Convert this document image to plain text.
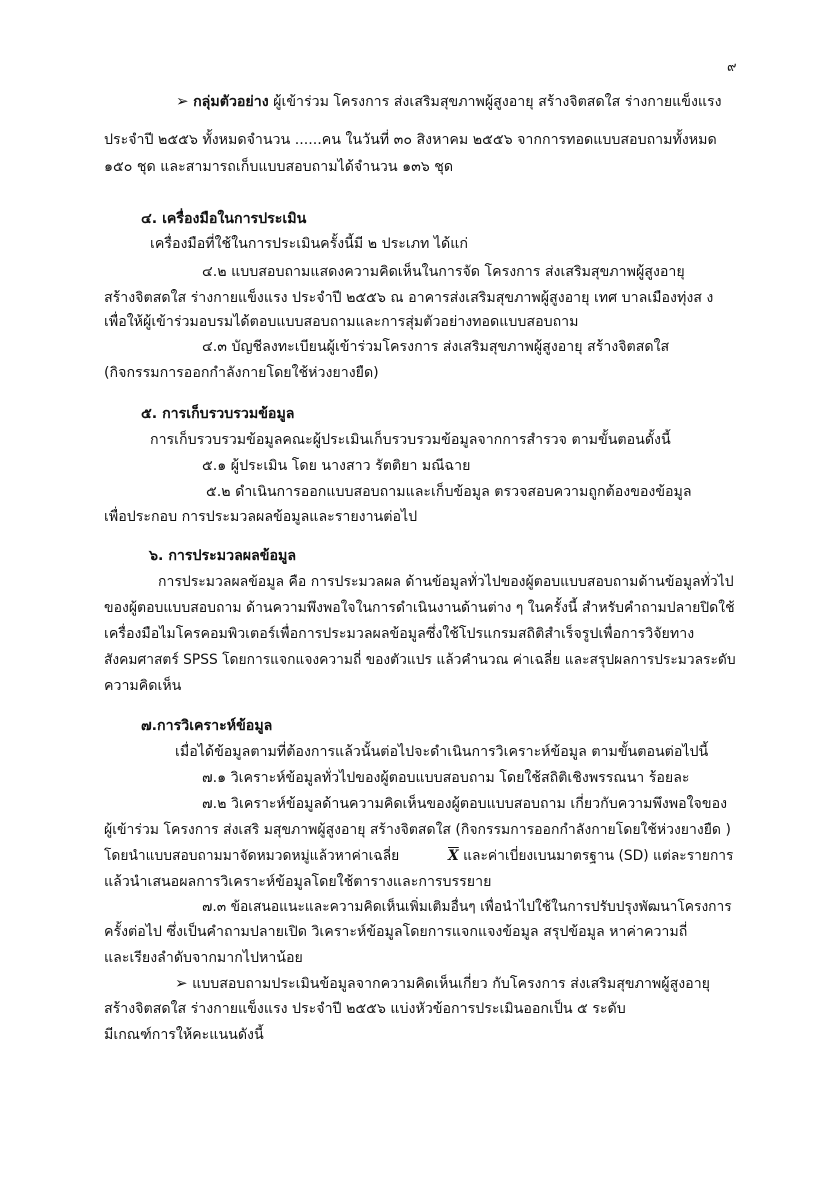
๙
➢ กลุ่มตัวอย่าง ผู้เข้าร่วม โครงการ ส่งเสริมสุขภาพผู้สูงอายุ สร้างจิตสดใส ร่างกายแข็งแรง
ประจำปี ๒๕๕๖ ทั้งหมดจำนวน ......คน ในวันที่ ๓๐ สิงหาคม ๒๕๕๖ จากการทอดแบบสอบถามทั้งหมด
๑๕๐ ชุด และสามารถเก็บแบบสอบถามได้จำนวน ๑๓๖ ชุด
๔. เครื่องมือในการประเมิน
เครื่องมือที่ใช้ในการประเมินครั้งนี้มี ๒ ประเภท ได้แก่
๔.๒ แบบสอบถามแสดงความคิดเห็นในการจัด โครงการ ส่งเสริมสุขภาพผู้สูงอายุ
สร้างจิตสดใส ร่างกายแข็งแรง ประจำปี ๒๕๕๖ ณ อาคารส่งเสริมสุขภาพผู้สูงอายุ เทศ บาลเมืองทุ่งส ง
เพื่อให้ผู้เข้าร่วมอบรมได้ตอบแบบสอบถามและการสุ่มตัวอย่างทอดแบบสอบถาม
๔.๓ บัญชีลงทะเบียนผู้เข้าร่วมโครงการ ส่งเสริมสุขภาพผู้สูงอายุ สร้างจิตสดใส
(กิจกรรมการออกกำลังกายโดยใช้ห่วงยางยืด)
๕. การเก็บรวบรวมข้อมูล
การเก็บรวบรวมข้อมูลคณะผู้ประเมินเก็บรวบรวมข้อมูลจากการสำรวจ ตามขั้นตอนดั้งนี้
๕.๑ ผู้ประเมิน โดย นางสาว รัตติยา มณีฉาย
๕.๒ ดำเนินการออกแบบสอบถามและเก็บข้อมูล ตรวจสอบความถูกต้องของข้อมูล
เพื่อประกอบ การประมวลผลข้อมูลและรายงานต่อไป
๖. การประมวลผลข้อมูล
การประมวลผลข้อมูล คือ การประมวลผล ด้านข้อมูลทั่วไปของผู้ตอบแบบสอบถามด้านข้อมูลทั่วไป
ของผู้ตอบแบบสอบถาม ด้านความพึงพอใจในการดำเนินงานด้านต่าง ๆ ในครั้งนี้ สำหรับคำถามปลายปิดใช้
เครื่องมือไมโครคอมพิวเตอร์เพื่อการประมวลผลข้อมูลซึ่งใช้โปรแกรมสถิติสำเร็จรูปเพื่อการวิจัยทาง
สังคมศาสตร์ SPSS โดยการแจกแจงความถี่ ของตัวแปร แล้วคำนวณ ค่าเฉลี่ย และสรุปผลการประมวลระดับ
ความคิดเห็น
๗.การวิเคราะห์ข้อมูล
เมื่อได้ข้อมูลตามที่ต้องการแล้วนั้นต่อไปจะดำเนินการวิเคราะห์ข้อมูล ตามขั้นตอนต่อไปนี้
๗.๑ วิเคราะห์ข้อมูลทั่วไปของผู้ตอบแบบสอบถาม โดยใช้สถิติเชิงพรรณนา ร้อยละ
๗.๒ วิเคราะห์ข้อมูลด้านความคิดเห็นของผู้ตอบแบบสอบถาม เกี่ยวกับความพึงพอใจของ
ผู้เข้าร่วม โครงการ ส่งเสริ มสุขภาพผู้สูงอายุ สร้างจิตสดใส (กิจกรรมการออกกำลังกายโดยใช้ห่วงยางยืด )
โดยนำแบบสอบถามมาจัดหมวดหมู่แล้วหาค่าเฉลี่ย	$\overline{X}$ และค่าเบี่ยงเบนมาตรฐาน (SD) แต่ละรายการ
แล้วนำเสนอผลการวิเคราะห์ข้อมูลโดยใช้ตารางและการบรรยาย
๗.๓ ข้อเสนอแนะและความคิดเห็นเพิ่มเติมอื่นๆ เพื่อนำไปใช้ในการปรับปรุงพัฒนาโครงการ
ครั้งต่อไป ซึ่งเป็นคำถามปลายเปิด วิเคราะห์ข้อมูลโดยการแจกแจงข้อมูล สรุปข้อมูล หาค่าความถี่
และเรียงลำดับจากมากไปหาน้อย
➢ แบบสอบถามประเมินข้อมูลจากความคิดเห็นเกี่ยว กับโครงการ ส่งเสริมสุขภาพผู้สูงอายุ
สร้างจิตสดใส ร่างกายแข็งแรง ประจำปี ๒๕๕๖ แบ่งหัวข้อการประเมินออกเป็น ๕ ระดับ
มีเกณฑ์การให้คะแนนดังนี้
